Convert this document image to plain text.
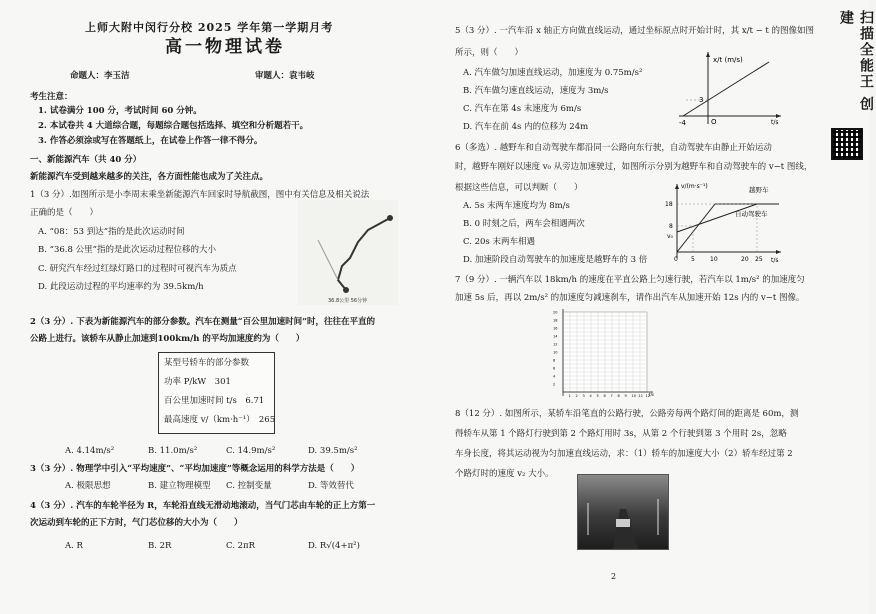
上师大附中闵行分校 2025 学年第一学期月考
高一物理试卷
命题人：李玉洁	审题人：袁韦岐
考生注意：
1. 试卷满分 100 分，考试时间 60 分钟。
2. 本试卷共 4 大道综合题，每题综合题包括选择、填空和分析题若干。
3. 作答必须涂或写在答题纸上，在试卷上作答一律不得分。
一、新能源汽车（共 40 分）
新能源汽车受到越来越多的关注，各方面性能也成为了关注点。
1（3 分）.如图所示是小李周末乘坐新能源汽车回家时导航截图，图中有关信息及相关说法
正确的是（　　）
A. “08：53 到达”指的是此次运动时间
B. “36.8 公里”指的是此次运动过程位移的大小
C. 研究汽车经过红绿灯路口的过程时可视汽车为质点
D. 此段运动过程的平均速率约为 39.5km/h
36.8公里 56分钟
2（3 分）. 下表为新能源汽车的部分参数。汽车在测量“百公里加速时间”时，往往在平直的
公路上进行。该轿车从静止加速到100km/h 的平均加速度约为（　　）
某型号轿车的部分参数
功率 P/kW　301
百公里加速时间 t/s　6.71
最高速度 v/（km·h⁻¹）　265
A. 4.14m/s²	B. 11.0m/s²	C. 14.9m/s²	D. 39.5m/s²
3（3 分）. 物理学中引入“平均速度”、“平均加速度”等概念运用的科学方法是（　　）
A. 极限思想	B. 建立物理模型 C. 控制变量	D. 等效替代
4（3 分）. 汽车的车轮半径为 R，车轮沿直线无滑动地滚动，当气门芯由车轮的正上方第一
次运动到车轮的正下方时，气门芯位移的大小为（　　）
A. R	B. 2R	C. 2πR	D. R√(4+π²)
5（3 分）. 一汽车沿 x 轴正方向做直线运动，通过坐标原点时开始计时，其 x/t − t 的图像如图
所示，则（　　）
A. 汽车做匀加速直线运动，加速度为 0.75m/s²
B. 汽车做匀速直线运动，速度为 3m/s
C. 汽车在第 4s 末速度为 6m/s
D. 汽车在前 4s 内的位移为 24m
x/t (m/s)
t/s
3
-4	O
6（多选）. 越野车和自动驾驶车都沿同一公路向东行驶，自动驾驶车由静止开始运动
时，越野车刚好以速度 v₀ 从旁边加速驶过，如图所示分别为越野车和自动驾驶车的 v−t 图线，
根据这些信息，可以判断（　　）
A. 5s 末两车速度均为 8m/s
B. 0 时刻之后，两车会相遇两次
C. 20s 末两车相遇
D. 加速阶段自动驾驶车的加速度是越野车的 3 倍
v/(m·s⁻¹)
t/s
18
8
v₀
0 5	10	20 25
越野车
自动驾驶车
7（9 分）. 一辆汽车以 18km/h 的速度在平直公路上匀速行驶，若汽车以 1m/s² 的加速度匀
加速 5s 后，再以 2m/s² 的加速度匀减速刹车，请作出汽车从加速开始 12s 内的 v−t 图像。
20
18
16
14
12
10
8
6
4
2
1 2 3 4 5 6 7 8 9 10 11 12 t/s
8（12 分）. 如图所示，某轿车沿笔直的公路行驶，公路旁每两个路灯间的距离是 60m，测
得轿车从第 1 个路灯行驶到第 2 个路灯用时 3s，从第 2 个行驶到第 3 个用时 2s，忽略
车身长度，将其运动视为匀加速直线运动，求：（1）轿车的加速度大小（2）轿车经过第 2
个路灯时的速度 v₂ 大小。
2
扫描全能王 创建
